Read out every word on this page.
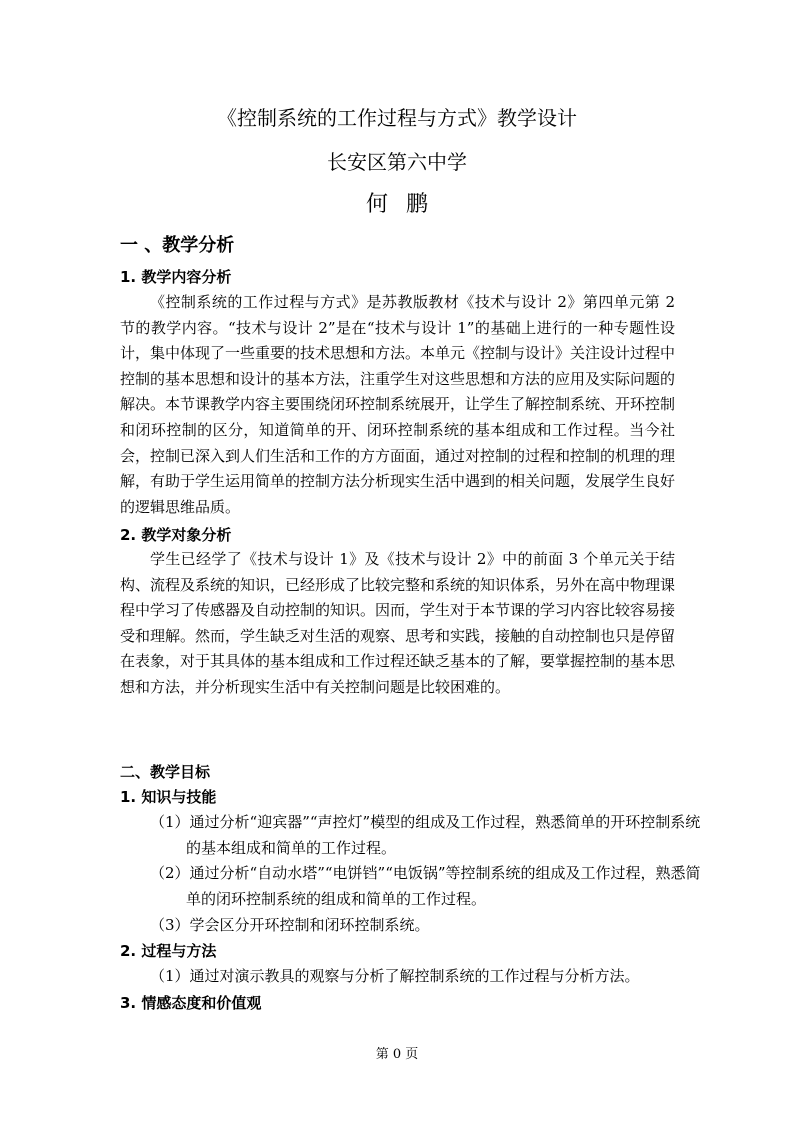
《控制系统的工作过程与方式》教学设计
长安区第六中学
何鹏
一 、教学分析
1. 教学内容分析

《控制系统的工作过程与方式》是苏教版教材《技术与设计 2》第四单元第 2 节的教学内容。“技术与设计 2”是在“技术与设计 1”的基础上进行的一种专题性设计，集中体现了一些重要的技术思想和方法。本单元《控制与设计》关注设计过程中控制的基本思想和设计的基本方法，注重学生对这些思想和方法的应用及实际问题的解决。本节课教学内容主要围绕闭环控制系统展开，让学生了解控制系统、开环控制和闭环控制的区分，知道简单的开、闭环控制系统的基本组成和工作过程。当今社会，控制已深入到人们生活和工作的方方面面，通过对控制的过程和控制的机理的理解，有助于学生运用简单的控制方法分析现实生活中遇到的相关问题，发展学生良好的逻辑思维品质。

2. 教学对象分析

学生已经学了《技术与设计 1》及《技术与设计 2》中的前面 3 个单元关于结构、流程及系统的知识，已经形成了比较完整和系统的知识体系，另外在高中物理课程中学习了传感器及自动控制的知识。因而，学生对于本节课的学习内容比较容易接受和理解。然而，学生缺乏对生活的观察、思考和实践，接触的自动控制也只是停留在表象，对于其具体的基本组成和工作过程还缺乏基本的了解，要掌握控制的基本思想和方法，并分析现实生活中有关控制问题是比较困难的。

二、教学目标
1. 知识与技能

（1）通过分析“迎宾器”“声控灯”模型的组成及工作过程，熟悉简单的开环控制系统的基本组成和简单的工作过程。

（2）通过分析“自动水塔”“电饼铛”“电饭锅”等控制系统的组成及工作过程，熟悉简单的闭环控制系统的组成和简单的工作过程。

（3）学会区分开环控制和闭环控制系统。

2. 过程与方法

（1）通过对演示教具的观察与分析了解控制系统的工作过程与分析方法。

3. 情感态度和价值观
第 0 页
